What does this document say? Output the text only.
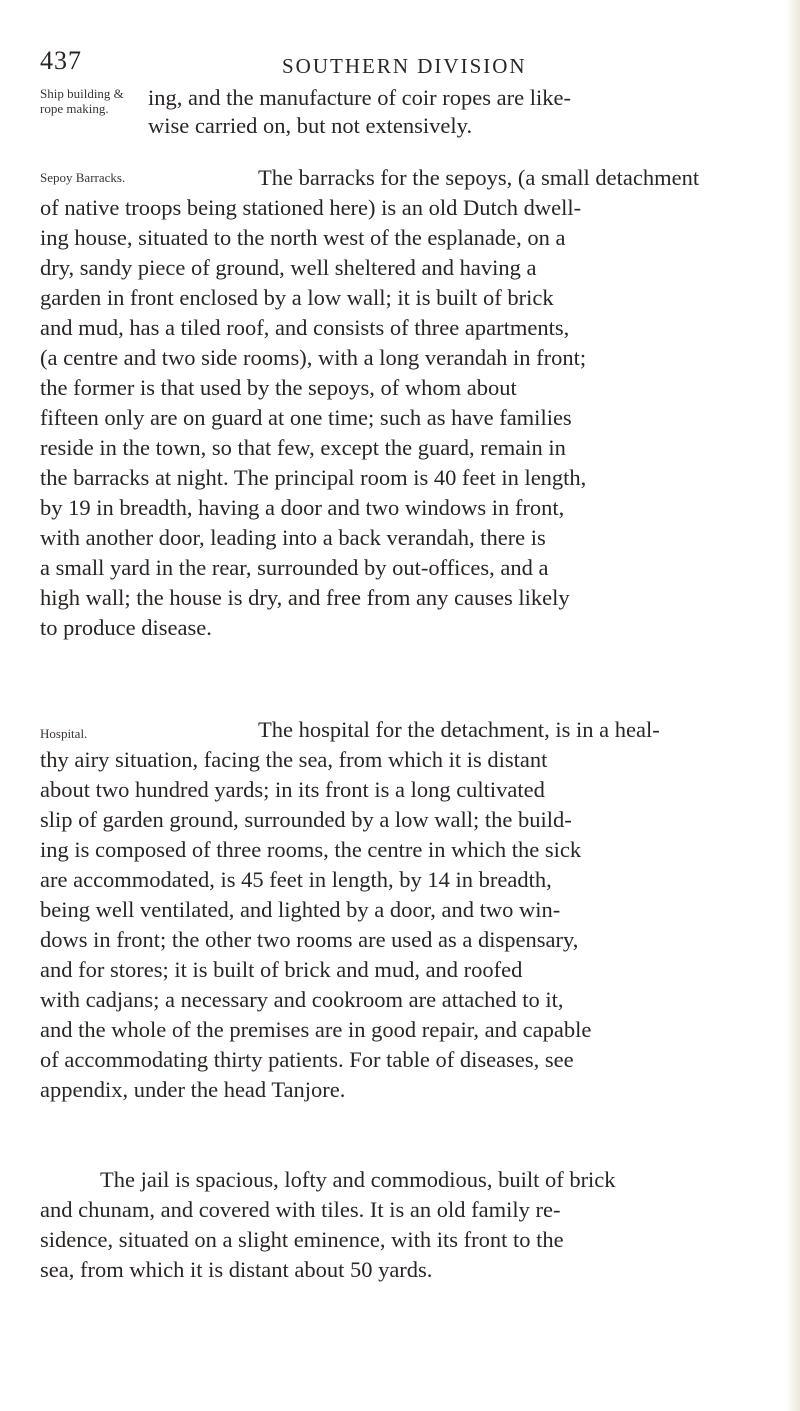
437	SOUTHERN DIVISION
Ship building &
rope making.
Sepoy Barracks.
Hospital.
ing, and the manufacture of coir ropes are like-
wise carried on, but not extensively.
The barracks for the sepoys, (a small detachment
of native troops being stationed here) is an old Dutch dwell-
ing house, situated to the north west of the esplanade, on a
dry, sandy piece of ground, well sheltered and having a
garden in front enclosed by a low wall; it is built of brick
and mud, has a tiled roof, and consists of three apartments,
(a centre and two side rooms), with a long verandah in front;
the former is that used by the sepoys, of whom about
fifteen only are on guard at one time; such as have families
reside in the town, so that few, except the guard, remain in
the barracks at night. The principal room is 40 feet in length,
by 19 in breadth, having a door and two windows in front,
with another door, leading into a back verandah, there is
a small yard in the rear, surrounded by out-offices, and a
high wall; the house is dry, and free from any causes likely
to produce disease.
The hospital for the detachment, is in a heal-
thy airy situation, facing the sea, from which it is distant
about two hundred yards; in its front is a long cultivated
slip of garden ground, surrounded by a low wall; the build-
ing is composed of three rooms, the centre in which the sick
are accommodated, is 45 feet in length, by 14 in breadth,
being well ventilated, and lighted by a door, and two win-
dows in front; the other two rooms are used as a dispensary,
and for stores; it is built of brick and mud, and roofed
with cadjans; a necessary and cookroom are attached to it,
and the whole of the premises are in good repair, and capable
of accommodating thirty patients. For table of diseases, see
appendix, under the head Tanjore.
The jail is spacious, lofty and commodious, built of brick
and chunam, and covered with tiles. It is an old family re-
sidence, situated on a slight eminence, with its front to the
sea, from which it is distant about 50 yards.
